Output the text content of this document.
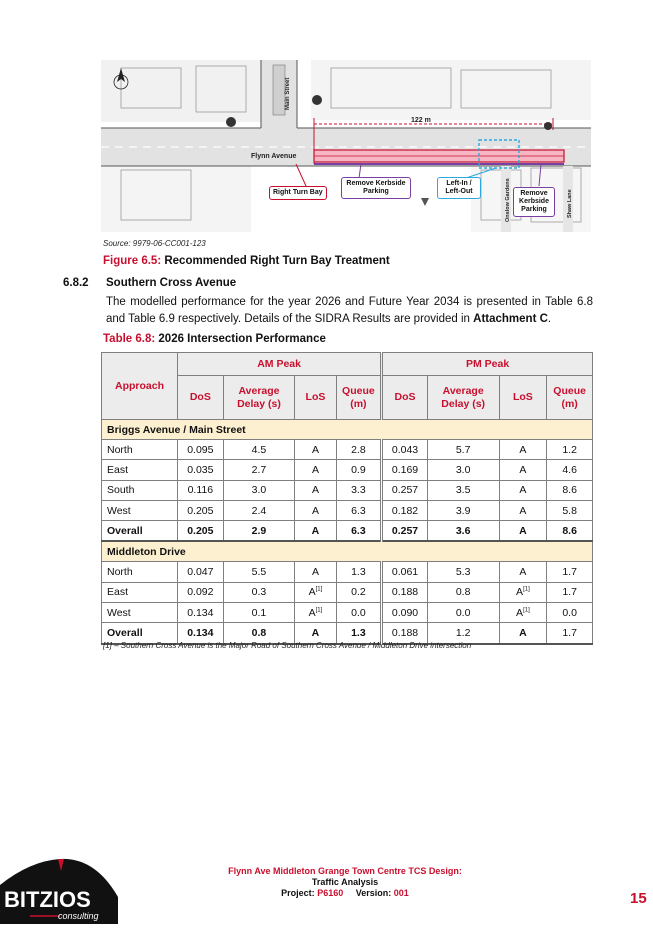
Main Street
Onslow Gardens	Shaw Lane
Flynn Avenue
122 m
Right Turn Bay
Remove Kerbside Parking
Left-In / Left-Out	Remove Kerbside Parking
Source: 9979-06-CC001-123
Figure 6.5: Recommended Right Turn Bay Treatment
6.8.2 Southern Cross Avenue
The modelled performance for the year 2026 and Future Year 2034 is presented in Table 6.8 and Table 6.9 respectively. Details of the SIDRA Results are provided in Attachment C.
Table 6.8: 2026 Intersection Performance
Approach	AM Peak				PM Peak			
	DoS	Average Delay (s)	LoS	Queue (m)	DoS	Average Delay (s)	LoS	Queue (m)
Briggs Avenue / Main Street								
North	0.095	4.5	A	2.8	0.043	5.7	A	1.2
East	0.035	2.7	A	0.9	0.169	3.0	A	4.6
South	0.116	3.0	A	3.3	0.257	3.5	A	8.6
West	0.205	2.4	A	6.3	0.182	3.9	A	5.8
Overall	0.205	2.9	A	6.3	0.257	3.6	A	8.6
Middleton Drive								
North	0.047	5.5	A	1.3	0.061	5.3	A	1.7
East	0.092	0.3	A[1]	0.2	0.188	0.8	A[1]	1.7
West	0.134	0.1	A[1]	0.0	0.090	0.0	A[1]	0.0
Overall	0.134	0.8	A	1.3	0.188	1.2	A	1.7
[1] – Southern Cross Avenue is the Major Road of Southern Cross Avenue / Middleton Drive intersection
BITZIOS
consulting
Flynn Ave Middleton Grange Town Centre TCS Design:
Traffic Analysis
Project: P6160 Version: 001	15
